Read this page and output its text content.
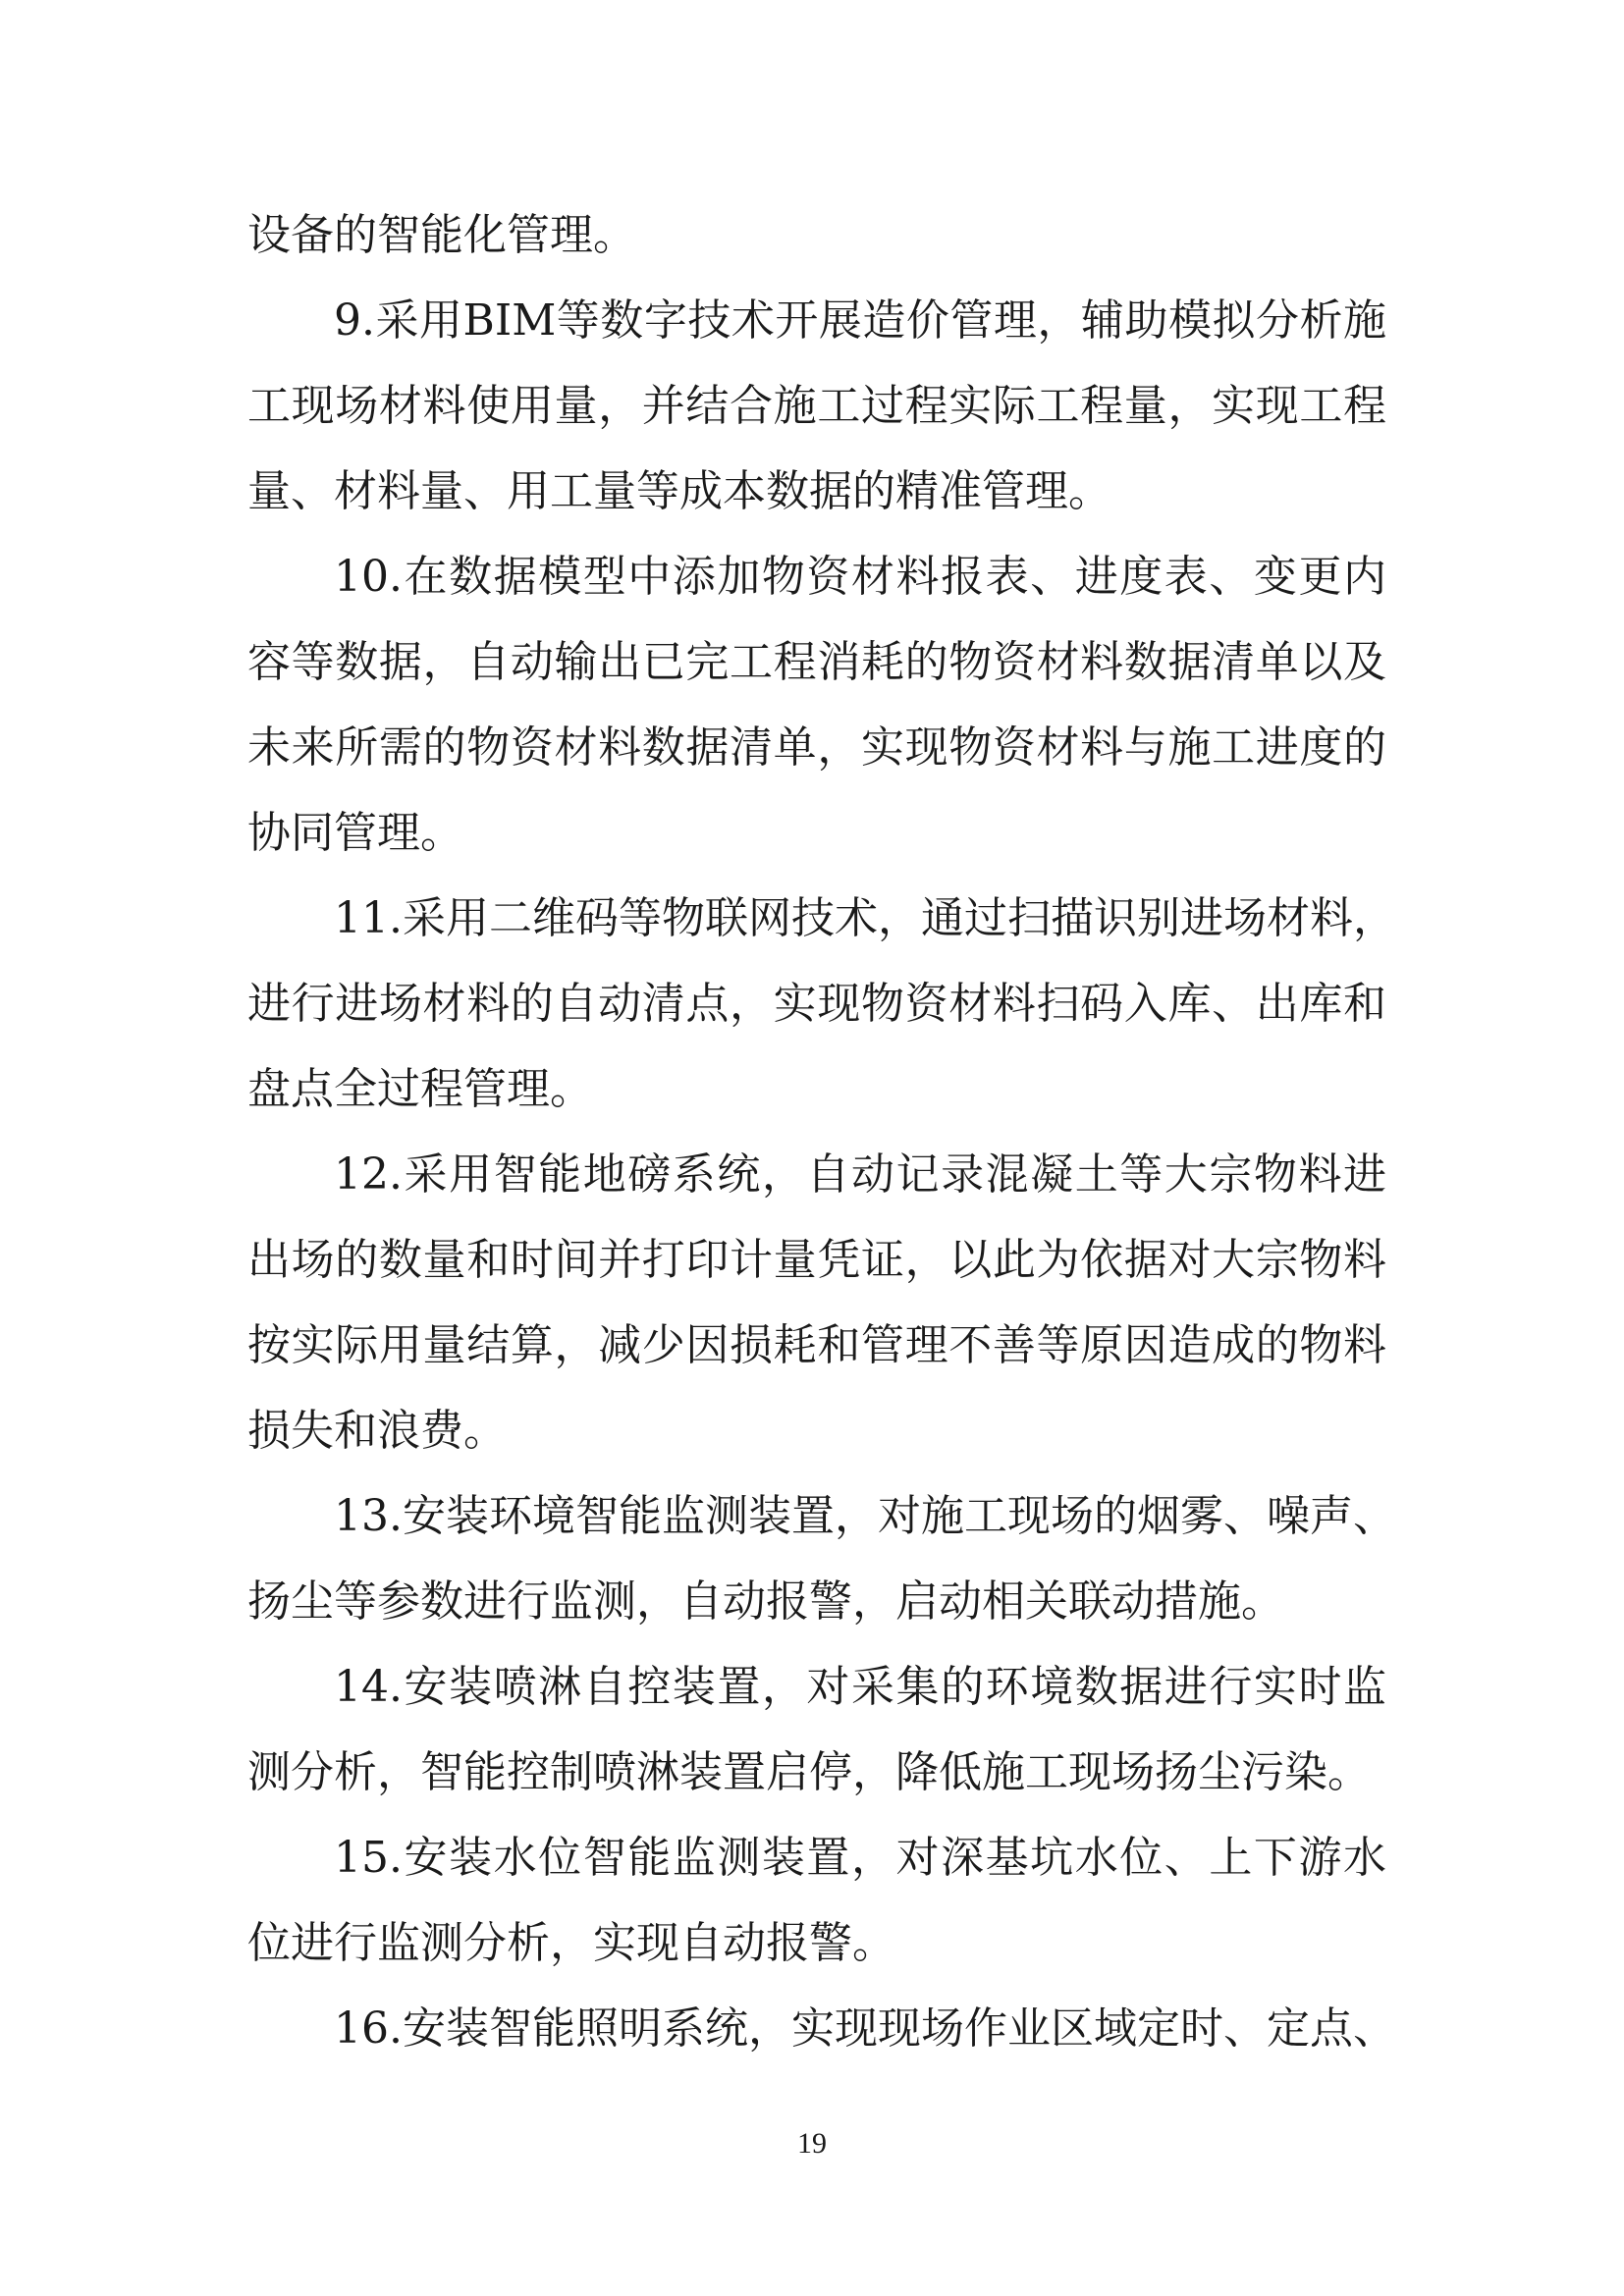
设备的智能化管理。
9.采用BIM等数字技术开展造价管理，辅助模拟分析施
工现场材料使用量，并结合施工过程实际工程量，实现工程
量、材料量、用工量等成本数据的精准管理。
10.在数据模型中添加物资材料报表、进度表、变更内
容等数据，自动输出已完工程消耗的物资材料数据清单以及
未来所需的物资材料数据清单，实现物资材料与施工进度的
协同管理。
11.采用二维码等物联网技术，通过扫描识别进场材料，
进行进场材料的自动清点，实现物资材料扫码入库、出库和
盘点全过程管理。
12.采用智能地磅系统，自动记录混凝土等大宗物料进
出场的数量和时间并打印计量凭证，以此为依据对大宗物料
按实际用量结算，减少因损耗和管理不善等原因造成的物料
损失和浪费。
13.安装环境智能监测装置，对施工现场的烟雾、噪声、
扬尘等参数进行监测，自动报警，启动相关联动措施。
14.安装喷淋自控装置，对采集的环境数据进行实时监
测分析，智能控制喷淋装置启停，降低施工现场扬尘污染。
15.安装水位智能监测装置，对深基坑水位、上下游水
位进行监测分析，实现自动报警。
16.安装智能照明系统，实现现场作业区域定时、定点、
19
